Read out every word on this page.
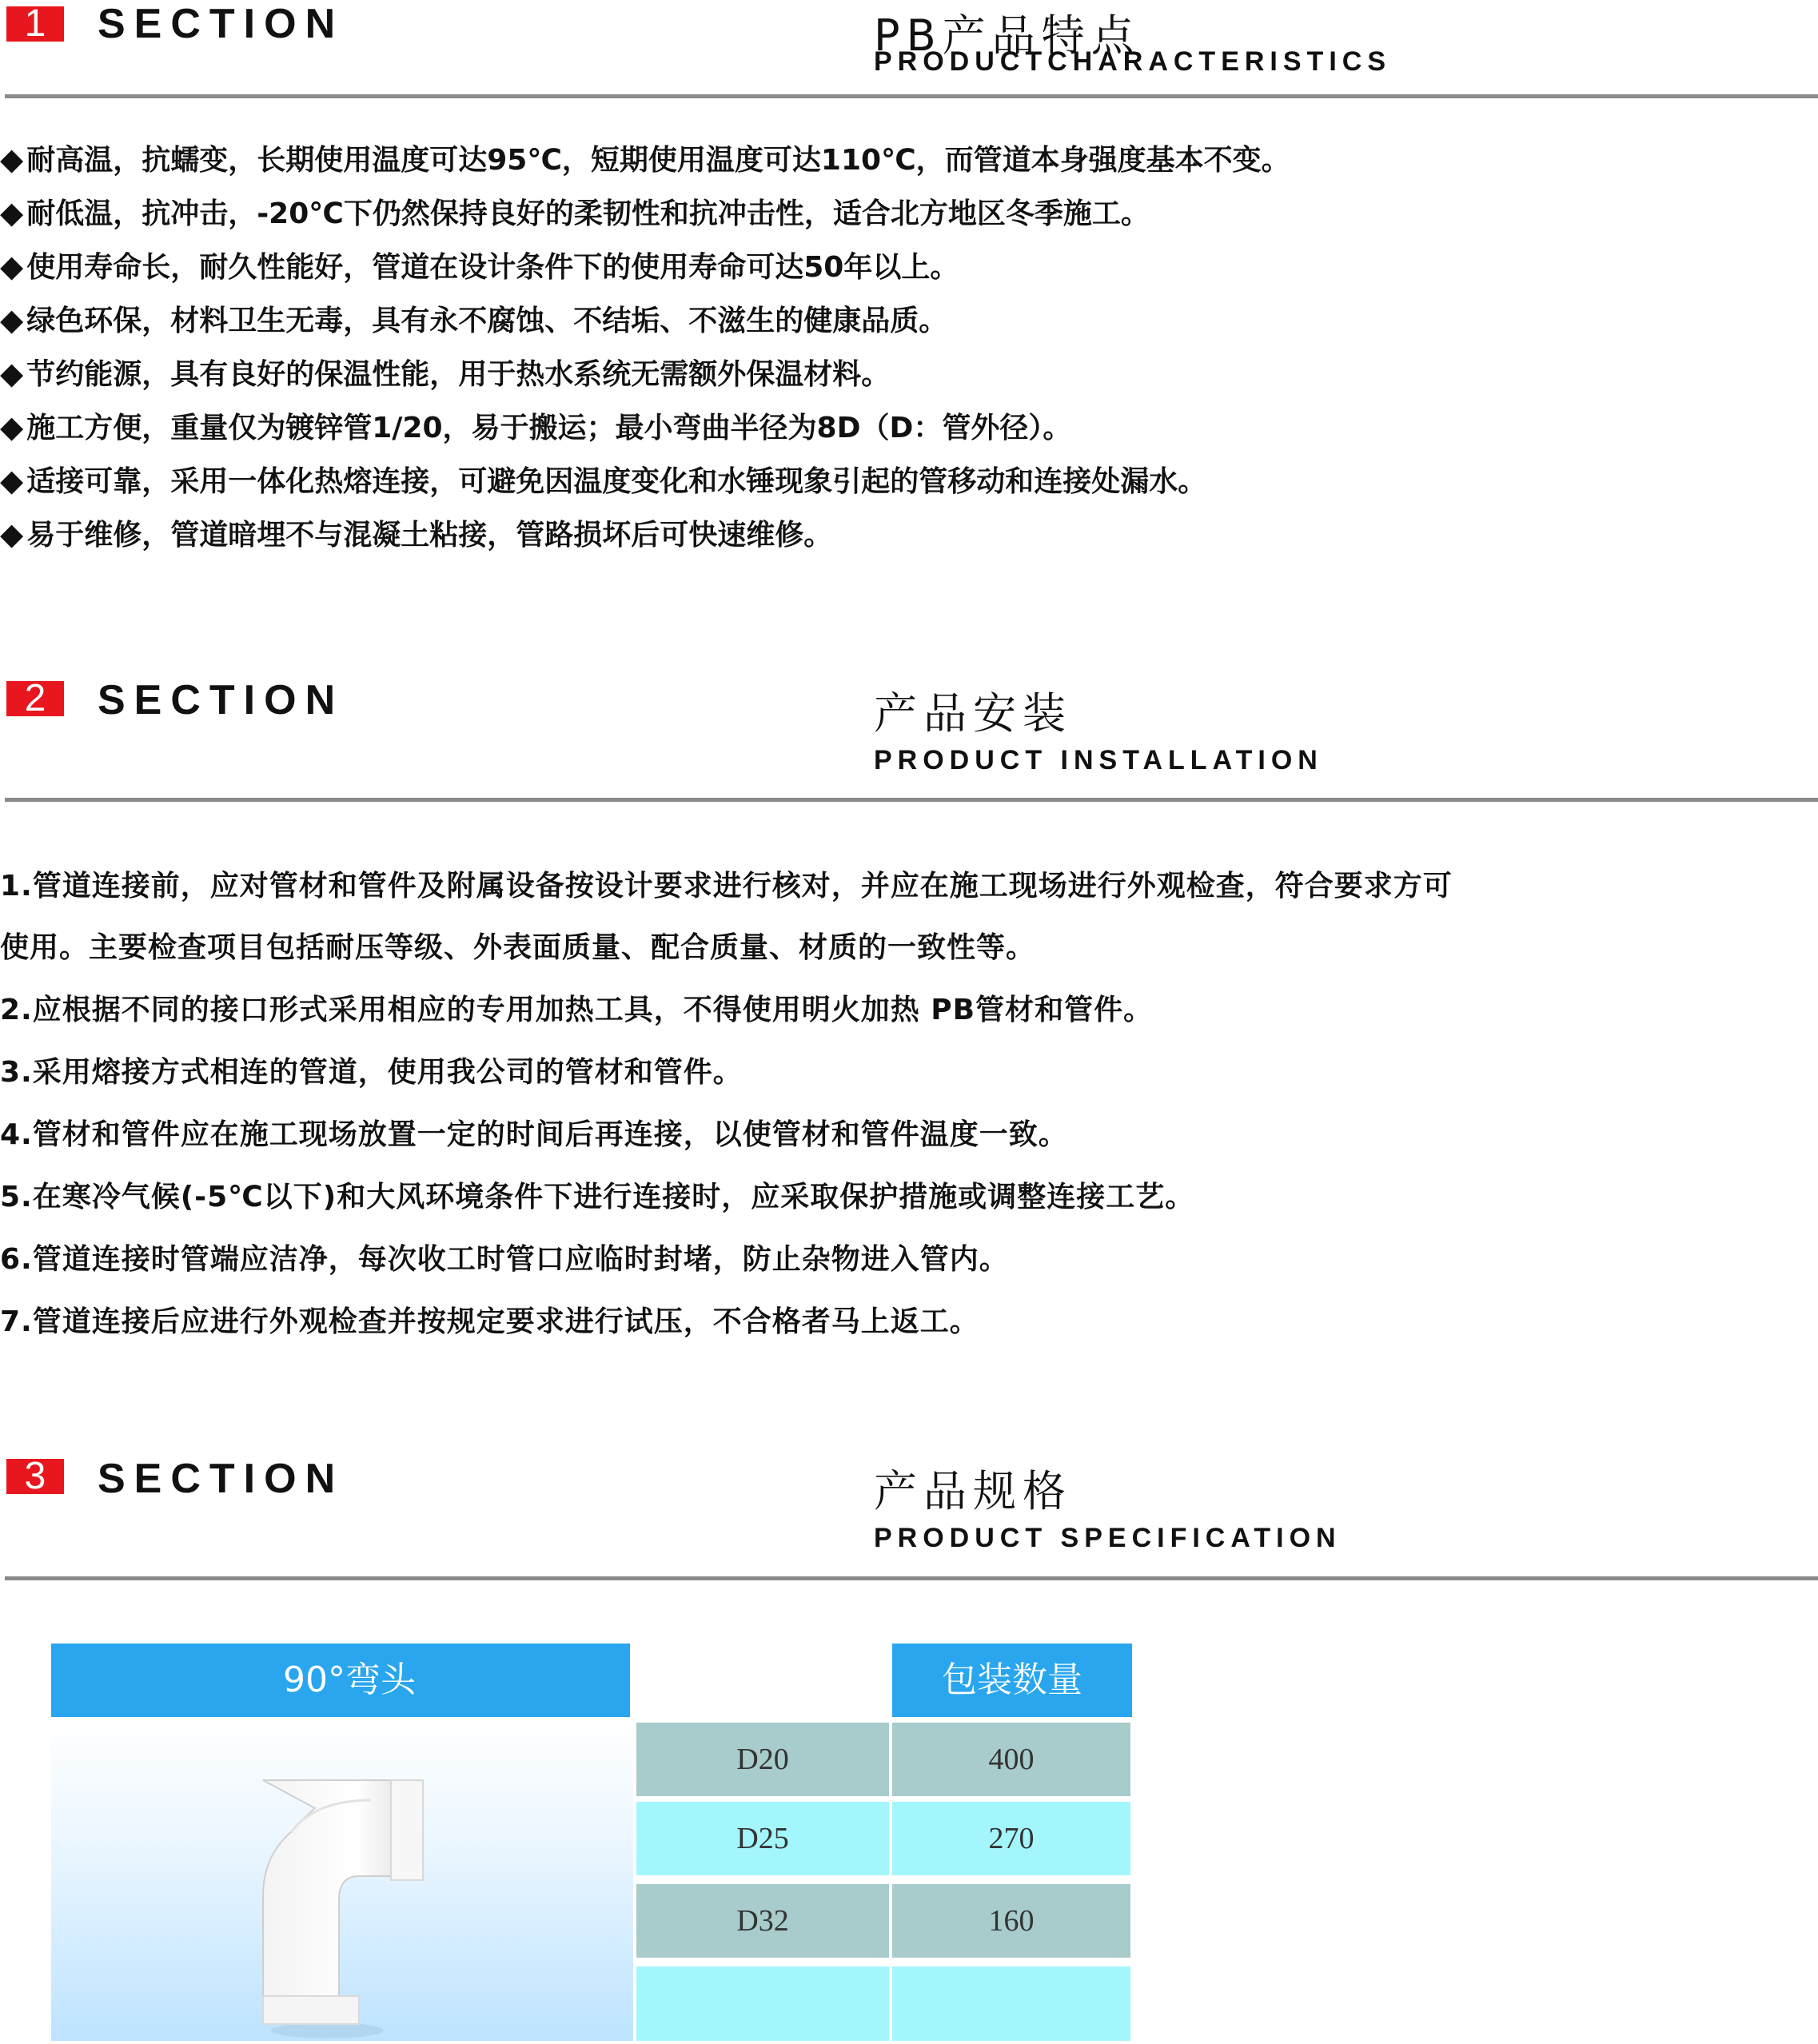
1	SECTION	PB产品特点
PRODUCTCHARACTERISTICS
◆ 耐高温，抗蠕变，长期使用温度可达95℃，短期使用温度可达110℃，而管道本身强度基本不变。
◆ 耐低温，抗冲击，-20℃下仍然保持良好的柔韧性和抗冲击性，适合北方地区冬季施工。
◆ 使用寿命长，耐久性能好，管道在设计条件下的使用寿命可达50年以上。
◆ 绿色环保，材料卫生无毒，具有永不腐蚀、不结垢、不滋生的健康品质。
◆ 节约能源，具有良好的保温性能，用于热水系统无需额外保温材料。
◆ 施工方便，重量仅为镀锌管1/20，易于搬运；最小弯曲半径为8D（D：管外径）。
◆ 适接可靠，采用一体化热熔连接，可避免因温度变化和水锤现象引起的管移动和连接处漏水。
◆ 易于维修，管道暗埋不与混凝土粘接，管路损坏后可快速维修。
2	SECTION	产品安装
PRODUCT INSTALLATION
1.管道连接前，应对管材和管件及附属设备按设计要求进行核对，并应在施工现场进行外观检查，符合要求方可
使用。主要检查项目包括耐压等级、外表面质量、配合质量、材质的一致性等。
2.应根据不同的接口形式采用相应的专用加热工具，不得使用明火加热 PB管材和管件。
3.采用熔接方式相连的管道，使用我公司的管材和管件。
4.管材和管件应在施工现场放置一定的时间后再连接，以使管材和管件温度一致。
5.在寒冷气候(-5℃以下)和大风环境条件下进行连接时，应采取保护措施或调整连接工艺。
6.管道连接时管端应洁净，每次收工时管口应临时封堵，防止杂物进入管内。
7.管道连接后应进行外观检查并按规定要求进行试压，不合格者马上返工。
3	SECTION	产品规格
PRODUCT SPECIFICATION
90°弯头	规格(mm)	包装数量
D20	400
D25	270
D32	160
